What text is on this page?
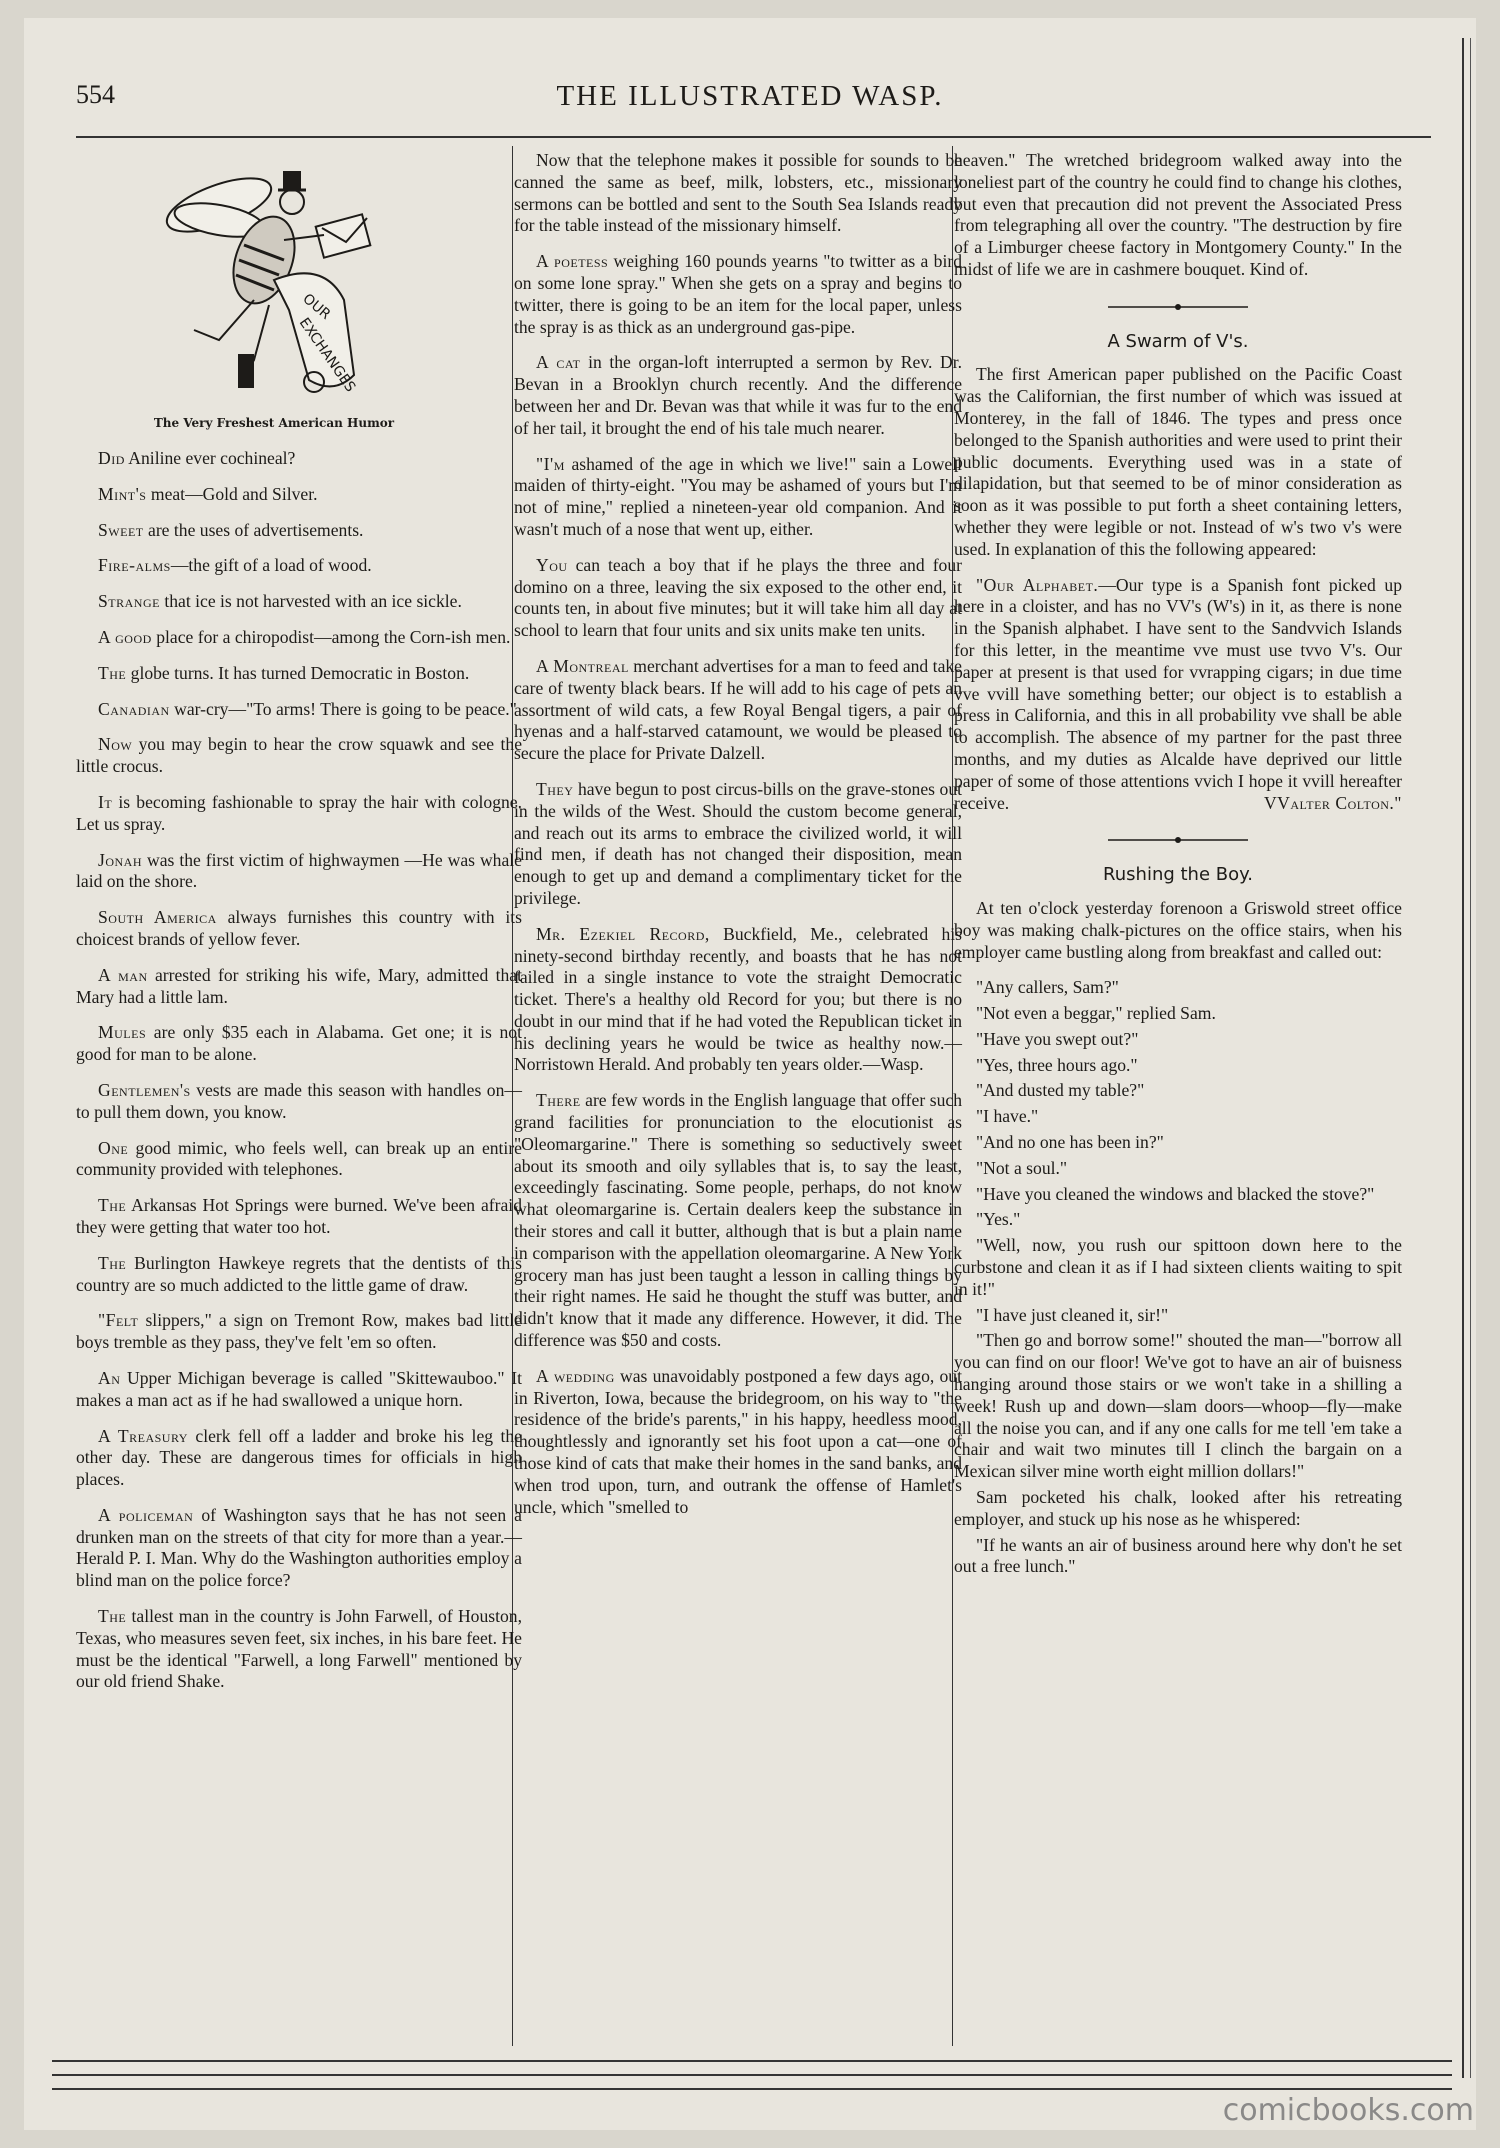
554	THE ILLUSTRATED WASP.
OUR
EXCHANGES
The Very Freshest American Humor

Did Aniline ever cochineal?

Mint's meat—Gold and Silver.

Sweet are the uses of advertisements.

Fire-alms—the gift of a load of wood.

Strange that ice is not harvested with an ice sickle.

A good place for a chiropodist—among the Corn-ish men.

The globe turns. It has turned Democratic in Boston.

Canadian war-cry—"To arms! There is going to be peace."

Now you may begin to hear the crow squawk and see the little crocus.

It is becoming fashionable to spray the hair with cologne. Let us spray.

Jonah was the first victim of highwaymen —He was whale laid on the shore.

South America always furnishes this country with its choicest brands of yellow fever.

A man arrested for striking his wife, Mary, admitted that Mary had a little lam.

Mules are only $35 each in Alabama. Get one; it is not good for man to be alone.

Gentlemen's vests are made this season with handles on—to pull them down, you know.

One good mimic, who feels well, can break up an entire community provided with telephones.

The Arkansas Hot Springs were burned. We've been afraid they were getting that water too hot.

The Burlington Hawkeye regrets that the dentists of this country are so much addicted to the little game of draw.

"Felt slippers," a sign on Tremont Row, makes bad little boys tremble as they pass, they've felt 'em so often.

An Upper Michigan beverage is called "Skittewauboo." It makes a man act as if he had swallowed a unique horn.

A Treasury clerk fell off a ladder and broke his leg the other day. These are dangerous times for officials in high places.

A policeman of Washington says that he has not seen a drunken man on the streets of that city for more than a year.—Herald P. I. Man. Why do the Washington authorities employ a blind man on the police force?

The tallest man in the country is John Farwell, of Houston, Texas, who measures seven feet, six inches, in his bare feet. He must be the identical "Farwell, a long Farwell" mentioned by our old friend Shake.

Now that the telephone makes it possible for sounds to be canned the same as beef, milk, lobsters, etc., missionary sermons can be bottled and sent to the South Sea Islands ready for the table instead of the missionary himself.

A poetess weighing 160 pounds yearns "to twitter as a bird on some lone spray." When she gets on a spray and begins to twitter, there is going to be an item for the local paper, unless the spray is as thick as an underground gas-pipe.

A cat in the organ-loft interrupted a sermon by Rev. Dr. Bevan in a Brooklyn church recently. And the difference between her and Dr. Bevan was that while it was fur to the end of her tail, it brought the end of his tale much nearer.

"I'm ashamed of the age in which we live!" sain a Lowell maiden of thirty-eight. "You may be ashamed of yours but I'm not of mine," replied a nineteen-year old companion. And it wasn't much of a nose that went up, either.

You can teach a boy that if he plays the three and four domino on a three, leaving the six exposed to the other end, it counts ten, in about five minutes; but it will take him all day at school to learn that four units and six units make ten units.

A Montreal merchant advertises for a man to feed and take care of twenty black bears. If he will add to his cage of pets an assortment of wild cats, a few Royal Bengal tigers, a pair of hyenas and a half-starved catamount, we would be pleased to secure the place for Private Dalzell.

They have begun to post circus-bills on the grave-stones out in the wilds of the West. Should the custom become general, and reach out its arms to embrace the civilized world, it will find men, if death has not changed their disposition, mean enough to get up and demand a complimentary ticket for the privilege.

Mr. Ezekiel Record, Buckfield, Me., celebrated his ninety-second birthday recently, and boasts that he has not failed in a single instance to vote the straight Democratic ticket. There's a healthy old Record for you; but there is no doubt in our mind that if he had voted the Republican ticket in his declining years he would be twice as healthy now.—Norristown Herald. And probably ten years older.—Wasp.

There are few words in the English language that offer such grand facilities for pronunciation to the elocutionist as "Oleomargarine." There is something so seductively sweet about its smooth and oily syllables that is, to say the least, exceedingly fascinating. Some people, perhaps, do not know what oleomargarine is. Certain dealers keep the substance in their stores and call it butter, although that is but a plain name in comparison with the appellation oleomargarine. A New York grocery man has just been taught a lesson in calling things by their right names. He said he thought the stuff was butter, and didn't know that it made any difference. However, it did. The difference was $50 and costs.

A wedding was unavoidably postponed a few days ago, out in Riverton, Iowa, because the bridegroom, on his way to "the residence of the bride's parents," in his happy, heedless mood, thoughtlessly and ignorantly set his foot upon a cat—one of those kind of cats that make their homes in the sand banks, and when trod upon, turn, and outrank the offense of Hamlet's uncle, which "smelled to

heaven." The wretched bridegroom walked away into the loneliest part of the country he could find to change his clothes, but even that precaution did not prevent the Associated Press from telegraphing all over the country. "The destruction by fire of a Limburger cheese factory in Montgomery County." In the midst of life we are in cashmere bouquet. Kind of.

A Swarm of V's.

The first American paper published on the Pacific Coast was the Californian, the first number of which was issued at Monterey, in the fall of 1846. The types and press once belonged to the Spanish authorities and were used to print their public documents. Everything used was in a state of dilapidation, but that seemed to be of minor consideration as soon as it was possible to put forth a sheet containing letters, whether they were legible or not. Instead of w's two v's were used. In explanation of this the following appeared:

"Our Alphabet.—Our type is a Spanish font picked up here in a cloister, and has no VV's (W's) in it, as there is none in the Spanish alphabet. I have sent to the Sandvvich Islands for this letter, in the meantime vve must use tvvo V's. Our paper at present is that used for vvrapping cigars; in due time vve vvill have something better; our object is to establish a press in California, and this in all probability vve shall be able to accomplish. The absence of my partner for the past three months, and my duties as Alcalde have deprived our little paper of some of those attentions vvich I hope it vvill hereafter receive.	VValter Colton."

Rushing the Boy.

At ten o'clock yesterday forenoon a Griswold street office boy was making chalk-pictures on the office stairs, when his employer came bustling along from breakfast and called out:

"Any callers, Sam?"

"Not even a beggar," replied Sam.

"Have you swept out?"

"Yes, three hours ago."

"And dusted my table?"

"I have."

"And no one has been in?"

"Not a soul."

"Have you cleaned the windows and blacked the stove?"

"Yes."

"Well, now, you rush our spittoon down here to the curbstone and clean it as if I had sixteen clients waiting to spit in it!"

"I have just cleaned it, sir!"

"Then go and borrow some!" shouted the man—"borrow all you can find on our floor! We've got to have an air of buisness hanging around those stairs or we won't take in a shilling a week! Rush up and down—slam doors—whoop—fly—make all the noise you can, and if any one calls for me tell 'em take a chair and wait two minutes till I clinch the bargain on a Mexican silver mine worth eight million dollars!"

Sam pocketed his chalk, looked after his retreating employer, and stuck up his nose as he whispered:

"If he wants an air of business around here why don't he set out a free lunch."

comicbooks.com
